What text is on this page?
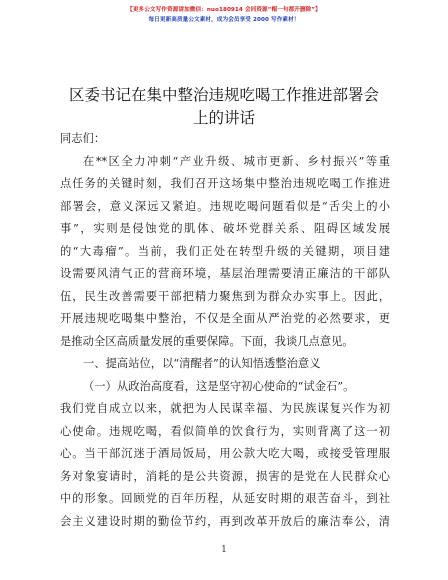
【更多公文写作资源请加微信：nuo180914 会同资源“帽一句都开删除”】
每日更新高质量公文素材，成为会员享受 2000 写作素材！
区委书记在集中整治违规吃喝工作推进部署会
上的讲话
同志们：
在**区全力冲刺“产业升级、城市更新、乡村振兴”等重
点任务的关键时刻，我们召开这场集中整治违规吃喝工作推进
部署会，意义深远又紧迫。违规吃喝问题看似是“舌尖上的小
事”，实则是侵蚀党的肌体、破坏党群关系、阻碍区域发展
的“大毒瘤”。当前，我们正处在转型升级的关键期，项目建
设需要风清气正的营商环境，基层治理需要清正廉洁的干部队
伍，民生改善需要干部把精力聚焦到为群众办实事上。因此，
开展违规吃喝集中整治，不仅是全面从严治党的必然要求，更
是推动全区高质量发展的重要保障。下面，我谈几点意见。
一、提高站位，以“清醒者”的认知悟透整治意义
（一）从政治高度看，这是坚守初心使命的“试金石”。
我们党自成立以来，就把为人民谋幸福、为民族谋复兴作为初
心使命。违规吃喝，看似简单的饮食行为，实则背离了这一初
心。当干部沉迷于酒局饭局，用公款大吃大喝，或接受管理服
务对象宴请时，消耗的是公共资源，损害的是党在人民群众心
中的形象。回顾党的百年历程，从延安时期的艰苦奋斗，到社
会主义建设时期的勤俭节约，再到改革开放后的廉洁奉公，清
1
